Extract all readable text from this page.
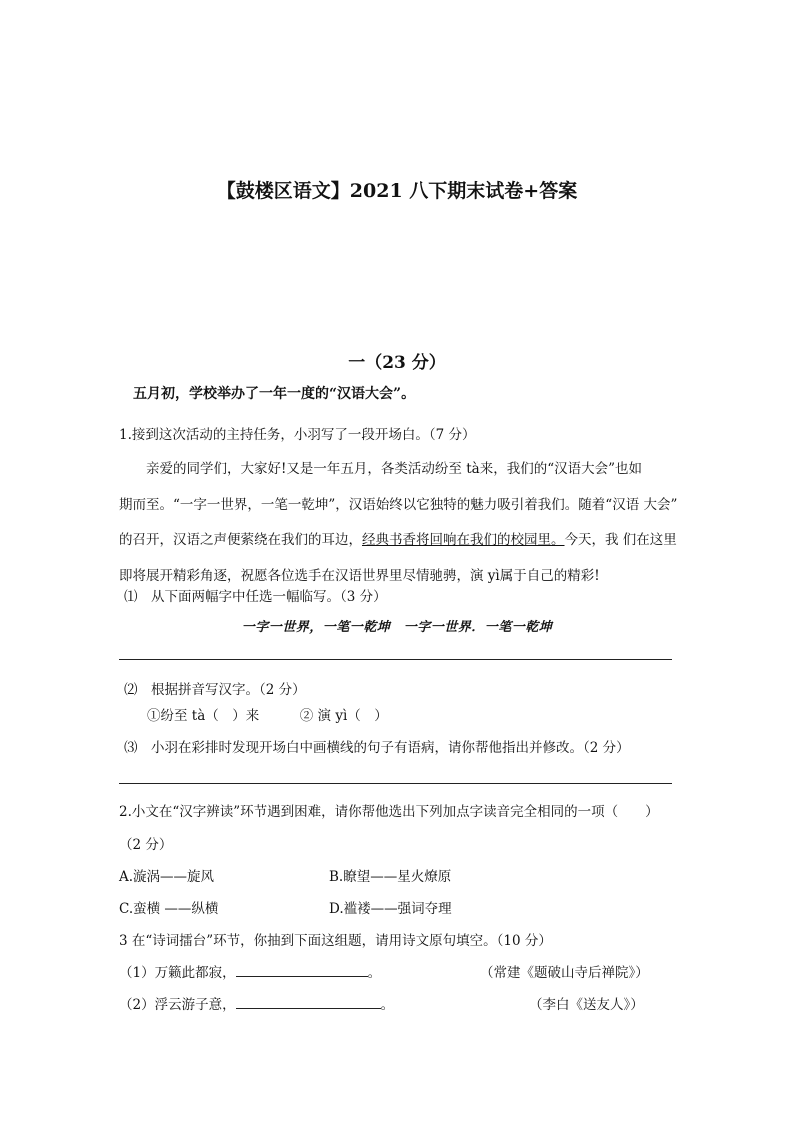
【鼓楼区语文】2021 八下期末试卷+答案
一（23 分）
五月初，学校举办了一年一度的“汉语大会”。
1.接到这次活动的主持任务，小羽写了一段开场白。（7 分）
亲爱的同学们，大家好!又是一年五月，各类活动纷至 tà来，我们的“汉语大会”也如
期而至。“一字一世界，一笔一乾坤”，汉语始终以它独特的魅力吸引着我们。随着“汉语 大会”
的召开，汉语之声便萦绕在我们的耳边，经典书香将回响在我们的校园里。今天，我 们在这里
即将展开精彩角逐，祝愿各位选手在汉语世界里尽情驰骋，演 yì属于自己的精彩!
⑴　从下面两幅字中任选一幅临写。（3 分）
一字一世界，一笔一乾坤　一字一世界．一笔一乾坤
⑵　根据拼音写汉字。（2 分）
①纷至 tà（　）来　　　② 演 yì（　）
⑶　小羽在彩排时发现开场白中画横线的句子有语病，请你帮他指出并修改。（2 分）
2.小文在“汉字辨读”环节遇到困难，请你帮他选出下列加点字读音完全相同的一项（　　）
（2 分）
A.漩涡——旋风	B.瞭望——星火燎原
C.蛮横 ——纵横	D.褴褛——强词夺理
3 在“诗词擂台”环节，你抽到下面这组题，请用诗文原句填空。（10 分）
（1）万籁此都寂，	。	（常建《题破山寺后禅院》）
（2）浮云游子意，	。	（李白《送友人》）
